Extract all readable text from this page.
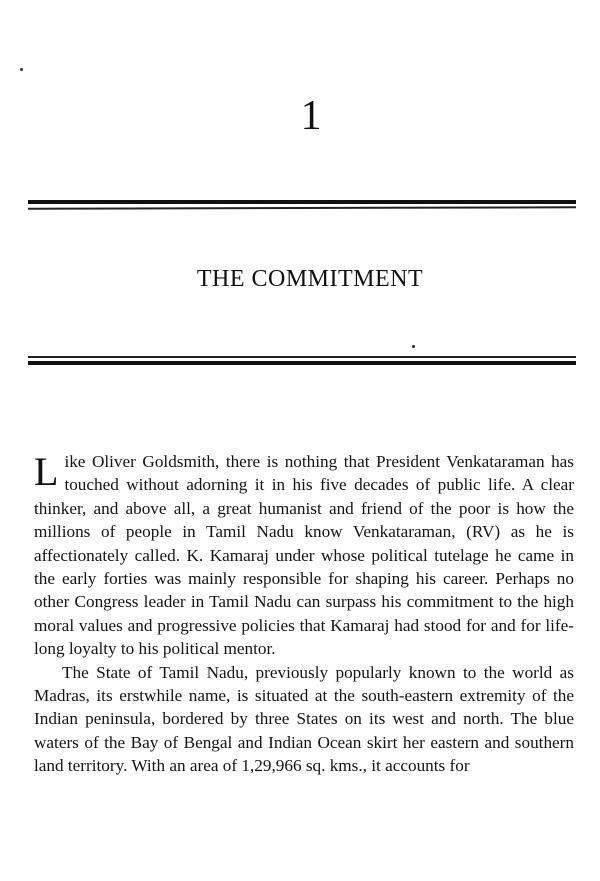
1
THE COMMITMENT

Like Oliver Goldsmith, there is nothing that President Venkataraman has touched without adorning it in his five decades of public life. A clear thinker, and above all, a great humanist and friend of the poor is how the millions of people in Tamil Nadu know Venkataraman, (RV) as he is affectionately called. K. Kamaraj under whose political tutelage he came in the early forties was mainly responsible for shaping his career. Perhaps no other Congress leader in Tamil Nadu can surpass his commitment to the high moral values and progressive policies that Kamaraj had stood for and for life-long loyalty to his political mentor.

The State of Tamil Nadu, previously popularly known to the world as Madras, its erstwhile name, is situated at the south-eastern extremity of the Indian peninsula, bordered by three States on its west and north. The blue waters of the Bay of Bengal and Indian Ocean skirt her eastern and southern land territory. With an area of 1,29,966 sq. kms., it accounts for
